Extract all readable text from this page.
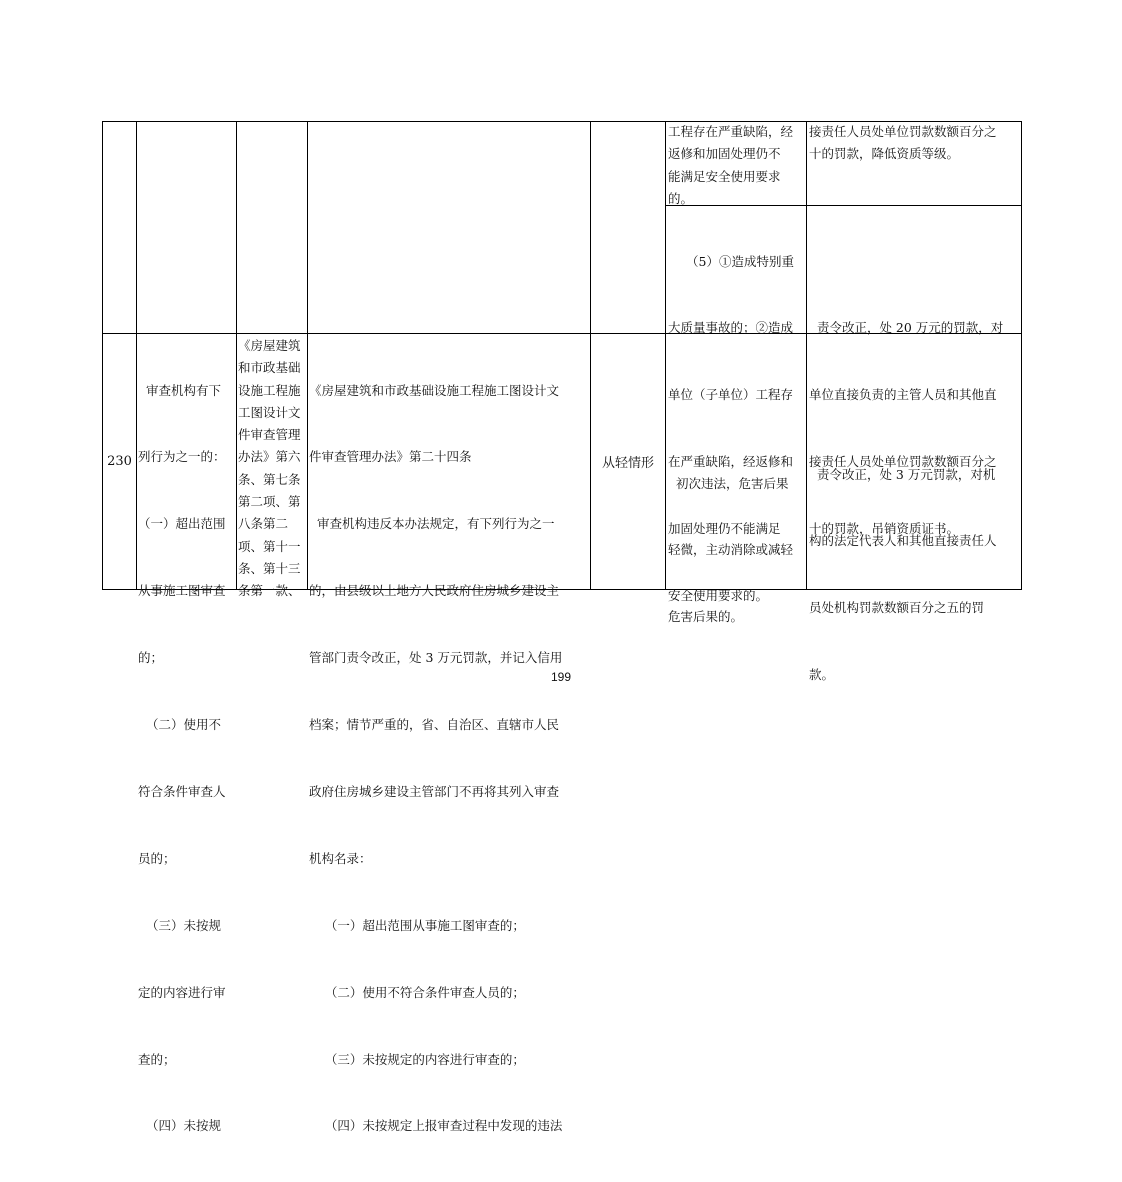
工程存在严重缺陷，经
返修和加固处理仍不
能满足安全使用要求
的。
接责任人员处单位罚款数额百分之
十的罚款，降低资质等级。

（5）①造成特别重

大质量事故的；②造成

单位（子单位）工程存

在严重缺陷，经返修和

加固处理仍不能满足

安全使用要求的。

责令改正，处 20 万元的罚款，对

单位直接负责的主管人员和其他直

接责任人员处单位罚款数额百分之

十的罚款，吊销资质证书。

230

审查机构有下

列行为之一的：

（一）超出范围

从事施工图审查

的；

（二）使用不

符合条件审查人

员的；

（三）未按规

定的内容进行审

查的；

（四）未按规

《房屋建筑
和市政基础
设施工程施
工图设计文
件审查管理
办法》第六
条、第七条
第二项、第
八条第二
项、第十一
条、第十三
条第一款、

《房屋建筑和市政基础设施工程施工图设计文

件审查管理办法》第二十四条

审查机构违反本办法规定，有下列行为之一

的，由县级以上地方人民政府住房城乡建设主

管部门责令改正，处 3 万元罚款，并记入信用

档案；情节严重的，省、自治区、直辖市人民

政府住房城乡建设主管部门不再将其列入审查

机构名录：

（一）超出范围从事施工图审查的；

（二）使用不符合条件审查人员的；

（三）未按规定的内容进行审查的；

（四）未按规定上报审查过程中发现的违法

从轻情形

初次违法，危害后果

轻微，主动消除或减轻

危害后果的。

责令改正，处 3 万元罚款，对机

构的法定代表人和其他直接责任人

员处机构罚款数额百分之五的罚

款。

199
